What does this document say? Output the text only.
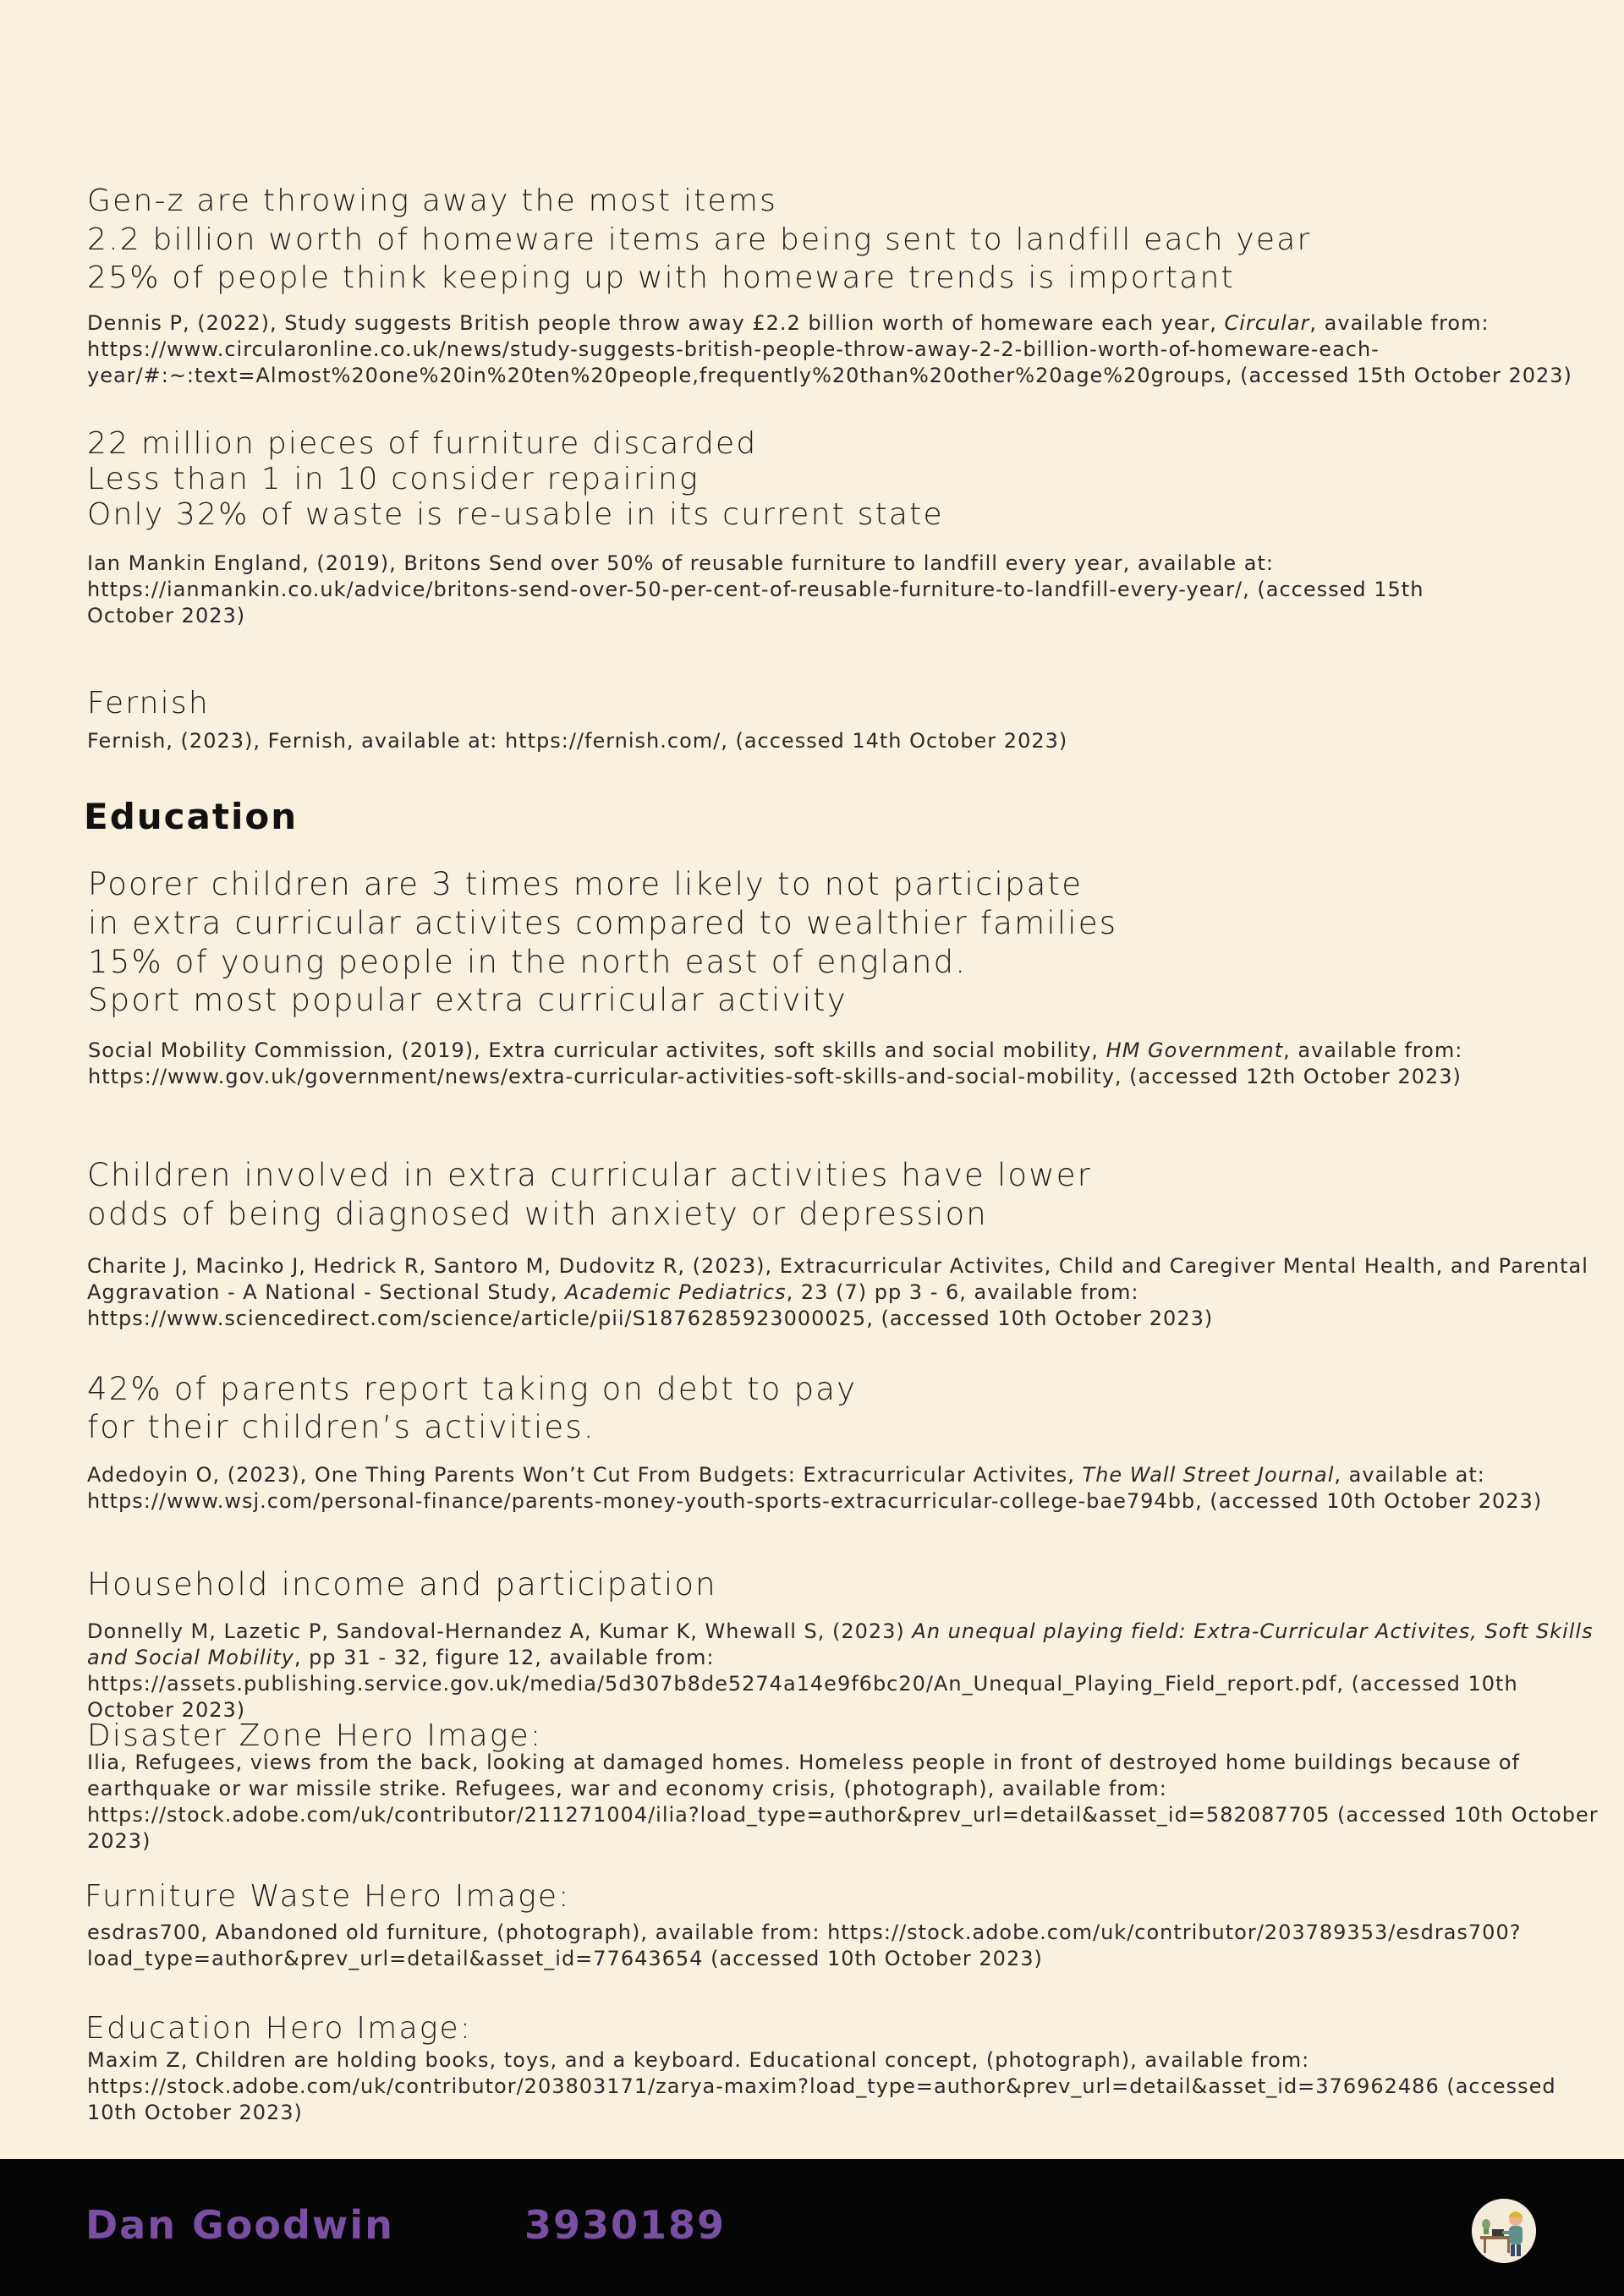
Gen-z are throwing away the most items
2.2 billion worth of homeware items are being sent to landfill each year
25% of people think keeping up with homeware trends is important
Dennis P, (2022), Study suggests British people throw away £2.2 billion worth of homeware each year, Circular, available from: https://www.circularonline.co.uk/news/study-suggests-british-people-throw-away-2-2-billion-worth-of-homeware-each-year/#:~:text=Almost%20one%20in%20ten%20people,frequently%20than%20other%20age%20groups, (accessed 15th October 2023)
22 million pieces of furniture discarded
Less than 1 in 10 consider repairing
Only 32% of waste is re-usable in its current state
Ian Mankin England, (2019), Britons Send over 50% of reusable furniture to landfill every year, available at: https://ianmankin.co.uk/advice/britons-send-over-50-per-cent-of-reusable-furniture-to-landfill-every-year/, (accessed 15th October 2023)
Fernish
Fernish, (2023), Fernish, available at: https://fernish.com/, (accessed 14th October 2023)
Education
Poorer children are 3 times more likely to not participate
in extra curricular activites compared to wealthier families
15% of young people in the north east of england.
Sport most popular extra curricular activity
Social Mobility Commission, (2019), Extra curricular activites, soft skills and social mobility, HM Government, available from: https://www.gov.uk/government/news/extra-curricular-activities-soft-skills-and-social-mobility, (accessed 12th October 2023)
Children involved in extra curricular activities have lower
odds of being diagnosed with anxiety or depression
Charite J, Macinko J, Hedrick R, Santoro M, Dudovitz R, (2023), Extracurricular Activites, Child and Caregiver Mental Health, and Parental Aggravation - A National - Sectional Study, Academic Pediatrics, 23 (7) pp 3 - 6, available from: https://www.sciencedirect.com/science/article/pii/S1876285923000025, (accessed 10th October 2023)
42% of parents report taking on debt to pay
for their children’s activities.
Adedoyin O, (2023), One Thing Parents Won’t Cut From Budgets: Extracurricular Activites, The Wall Street Journal, available at: https://www.wsj.com/personal-finance/parents-money-youth-sports-extracurricular-college-bae794bb, (accessed 10th October 2023)
Household income and participation
Donnelly M, Lazetic P, Sandoval-Hernandez A, Kumar K, Whewall S, (2023) An unequal playing field: Extra-Curricular Activites, Soft Skills and Social Mobility, pp 31 - 32, figure 12, available from: https://assets.publishing.service.gov.uk/media/5d307b8de5274a14e9f6bc20/An_Unequal_Playing_Field_report.pdf, (accessed 10th October 2023)
Disaster Zone Hero Image:
Ilia, Refugees, views from the back, looking at damaged homes. Homeless people in front of destroyed home buildings because of earthquake or war missile strike. Refugees, war and economy crisis, (photograph), available from: https://stock.adobe.com/uk/contributor/211271004/ilia?load_type=author&prev_url=detail&asset_id=582087705 (accessed 10th October 2023)
Furniture Waste Hero Image:
esdras700, Abandoned old furniture, (photograph), available from: https://stock.adobe.com/uk/contributor/203789353/esdras700?load_type=author&prev_url=detail&asset_id=77643654 (accessed 10th October 2023)
Education Hero Image:
Maxim Z, Children are holding books, toys, and a keyboard. Educational concept, (photograph), available from: https://stock.adobe.com/uk/contributor/203803171/zarya-maxim?load_type=author&prev_url=detail&asset_id=376962486 (accessed 10th October 2023)
Dan Goodwin	3930189
